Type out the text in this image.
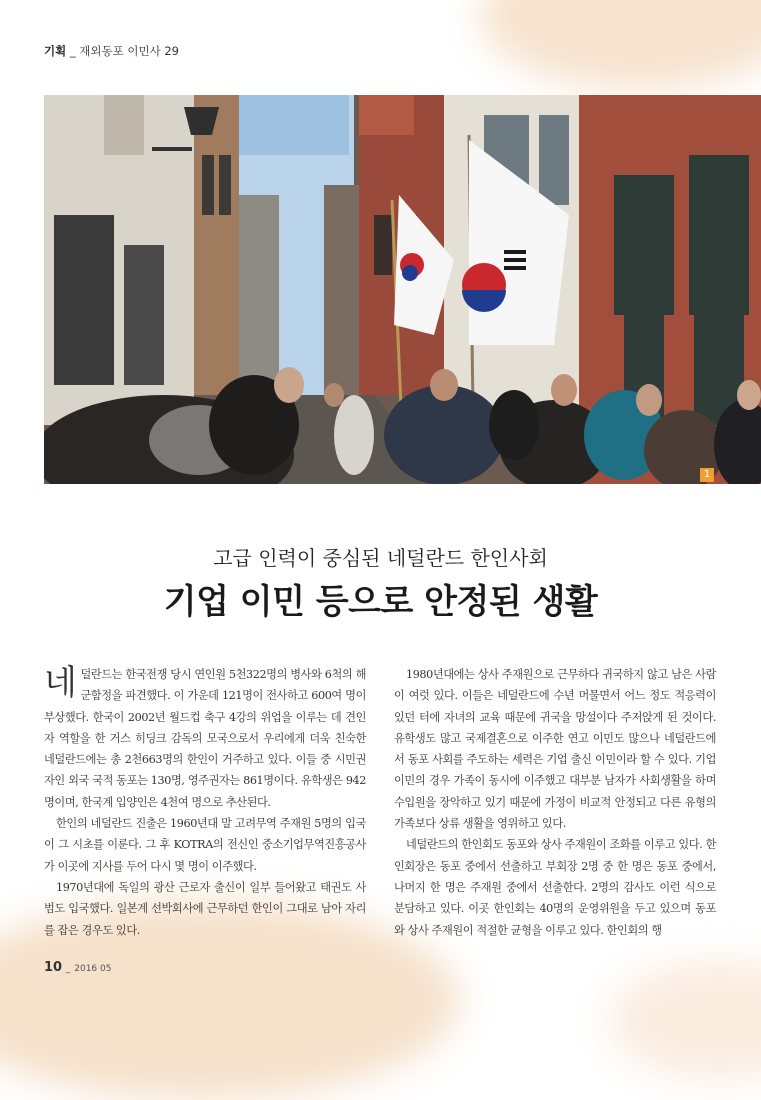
기획 _ 재외동포 이민사 29
1
고급 인력이 중심된 네덜란드 한인사회
기업 이민 등으로 안정된 생활

네덜란드는 한국전쟁 당시 연인원 5천322명의 병사와 6척의 해군함정을 파견했다. 이 가운데 121명이 전사하고 600여 명이 부상했다. 한국이 2002년 월드컵 축구 4강의 위업을 이루는 데 견인자 역할을 한 거스 히딩크 감독의 모국으로서 우리에게 더욱 친숙한 네덜란드에는 총 2천663명의 한인이 거주하고 있다. 이들 중 시민권자인 외국 국적 동포는 130명, 영주권자는 861명이다. 유학생은 942명이며, 한국계 입양인은 4천여 명으로 추산된다.

한인의 네덜란드 진출은 1960년대 말 고려무역 주재원 5명의 입국이 그 시초를 이룬다. 그 후 KOTRA의 전신인 중소기업무역진흥공사가 이곳에 지사를 두어 다시 몇 명이 이주했다.

1970년대에 독일의 광산 근로자 출신이 일부 들어왔고 태권도 사범도 입국했다. 일본계 선박회사에 근무하던 한인이 그대로 남아 자리를 잡은 경우도 있다.

1980년대에는 상사 주재원으로 근무하다 귀국하지 않고 남은 사람이 여럿 있다. 이들은 네덜란드에 수년 머물면서 어느 정도 적응력이 있던 터에 자녀의 교육 때문에 귀국을 망설이다 주저앉게 된 것이다. 유학생도 많고 국제결혼으로 이주한 연고 이민도 많으나 네덜란드에서 동포 사회를 주도하는 세력은 기업 출신 이민이라 할 수 있다. 기업 이민의 경우 가족이 동시에 이주했고 대부분 남자가 사회생활을 하며 수입원을 장악하고 있기 때문에 가정이 비교적 안정되고 다른 유형의 가족보다 상류 생활을 영위하고 있다.

네덜란드의 한인회도 동포와 상사 주재원이 조화를 이루고 있다. 한인회장은 동포 중에서 선출하고 부회장 2명 중 한 명은 동포 중에서, 나머지 한 명은 주재원 중에서 선출한다. 2명의 감사도 이런 식으로 분담하고 있다. 이곳 한인회는 40명의 운영위원을 두고 있으며 동포와 상사 주재원이 적절한 균형을 이루고 있다. 한인회의 행

10 _ 2016 05
